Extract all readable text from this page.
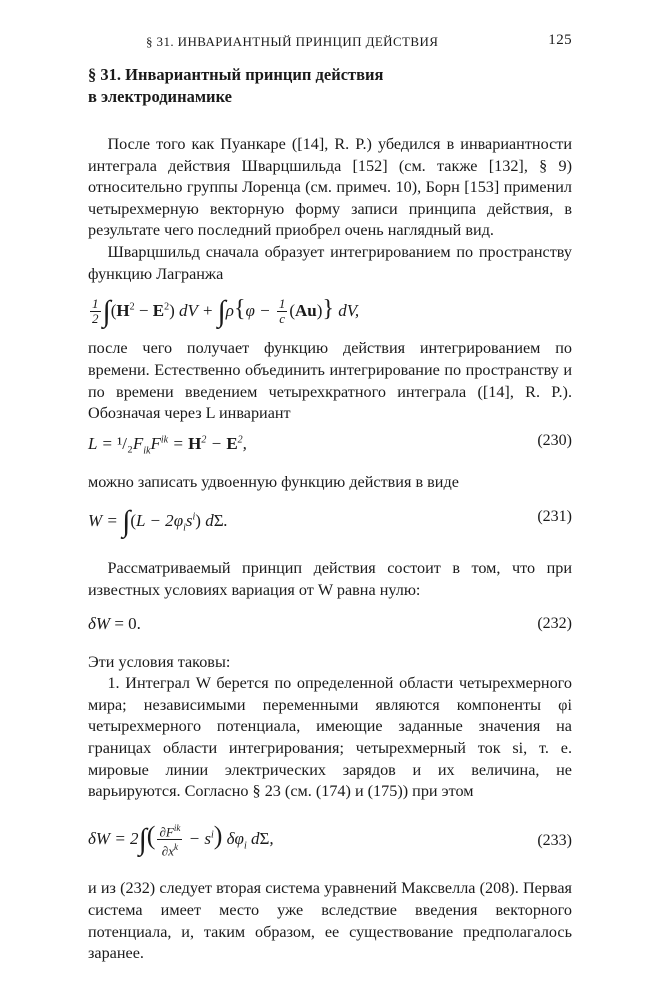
§ 31. ИНВАРИАНТНЫЙ ПРИНЦИП ДЕЙСТВИЯ	125
§ 31. Инвариантный принцип действия
в электродинамике

После того как Пуанкаре ([14], R. P.) убедился в инвариантности интеграла действия Шварцшильда [152] (см. также [132], § 9) относительно группы Лоренца (см. примеч. 10), Борн [153] применил четырехмерную векторную форму записи принципа действия, в результате чего последний приобрел очень наглядный вид.

Шварцшильд сначала образует интегрированием по пространству функцию Лагранжа

$\frac{1}{2} \int(H^2 - E^2)$ dV + $\int\rho\{\varphi - \frac{1}{c} (Au)\}$ dV,

после чего получает функцию действия интегрированием по времени. Естественно объединить интегрирование по пространству и по времени введением четырехкратного интеграла ([14], R. P.). Обозначая через L инвариант

$L = ^1/_2F_{ik}F^{ik} = H^2 - E^2$,	(230)

можно записать удвоенную функцию действия в виде

$W = \int(L - 2\varphi_is^i)$ dΣ.	(231)

Рассматриваемый принцип действия состоит в том, что при известных условиях вариация от W равна нулю:

δW = 0.	(232)

Эти условия таковы:

1. Интеграл W берется по определенной области четырехмерного мира; независимыми переменными являются компоненты φi четырехмерного потенциала, имеющие заданные значения на границах области интегрирования; четырехмерный ток si, т. е. мировые линии электрических зарядов и их величина, не варьируются. Согласно § 23 (см. (174) и (175)) при этом

$\delta W = 2\int( \frac{\partial F^{ik}}{\partial x^k} - s^i)$ $\delta\varphi_i$ dΣ,	(233)

и из (232) следует вторая система уравнений Максвелла (208). Первая система имеет место уже вследствие введения векторного потенциала, и, таким образом, ее существование предполагалось заранее.
